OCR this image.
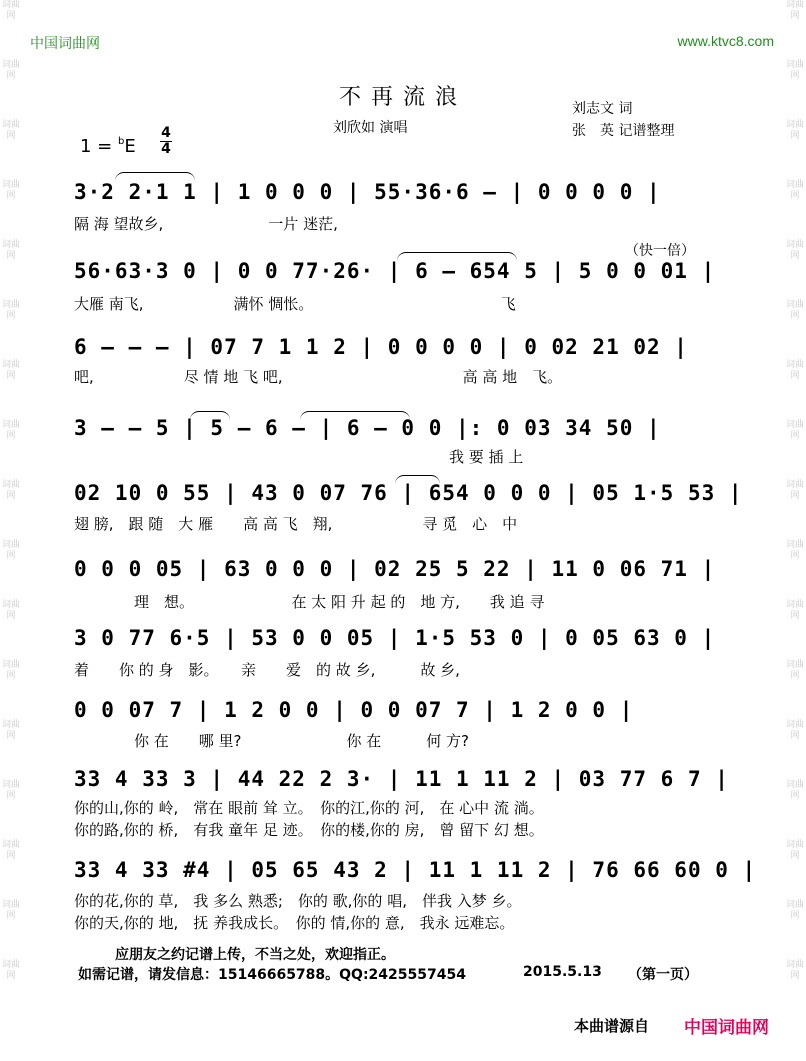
词曲网
词曲网
词曲网
词曲网
词曲网
词曲网
词曲网
词曲网
词曲网
词曲网
词曲网
词曲网
词曲网
词曲网
词曲网
词曲网
词曲网
词曲网
词曲网
词曲网
词曲网
词曲网
词曲网
词曲网
词曲网
词曲网
词曲网
词曲网
词曲网
词曲网
词曲网
词曲网
词曲网
词曲网
中国词曲网	www.ktvc8.com
不再流浪
刘欣如 演唱
刘志文 词
张　英 记谱整理
1 = $^b$E
4
4
（快一倍）
3·2 2·1 1 | 1 0 0 0 | 55·36·6 — | 0 0 0 0 |
隔 海 望故乡,　　　　　　　一片 迷茫,
56·63·3 0 | 0 0 77·26· | 6 — 654 5 | 5 0 0 01 |
大雁 南飞,　　　　　　满怀 惆怅。　　　　　　　　　　　　　飞
6 — — — | 07 7 1 1 2 | 0 0 0 0 | 0 02 21 02 |
吧,　　　　　　尽 情 地 飞 吧,　　　　　　　　　　　　高 高 地　飞。
3 — — 5 | 5 — 6 — | 6 — 0 0 |: 0 03 34 50 |
　　　　　　　　　　　　　　　　　　　　　　　　　我 要 插 上
02 10 0 55 | 43 0 07 76 | 654 0 0 0 | 05 1·5 53 |
翅 膀,　跟 随　大 雁　　高 高 飞　翔,　　　　　　寻 觅　心　中
0 0 0 05 | 63 0 0 0 | 02 25 5 22 | 11 0 06 71 |
　　　　理　想。　　　　　　　在 太 阳 升 起 的　地 方,　　我 追 寻
3 0 77 6·5 | 53 0 0 05 | 1·5 53 0 | 0 05 63 0 |
着　　你 的 身　影。　　亲　　爱　的 故 乡,　　　故 乡,
0 0 07 7 | 1 2 0 0 | 0 0 07 7 | 1 2 0 0 |
　　　　你 在　　哪 里?　　　　　　　你 在　　　何 方?
33 4 33 3 | 44 22 2 3· | 11 1 11 2 | 03 77 6 7 |
你的山,你的 岭,　常在 眼前 耸 立。　你的江,你的 河,　在 心中 流 淌。
你的路,你的 桥,　有我 童年 足 迹。　你的楼,你的 房,　曾 留下 幻 想。
33 4 33 #4 | 05 65 43 2 | 11 1 11 2 | 76 66 60 0 |
你的花,你的 草,　我 多么 熟悉;　你的 歌,你的 唱,　伴我 入梦 乡。
你的天,你的 地,　抚 养我成长。　你的 情,你的 意,　我永 远难忘。
应朋友之约记谱上传，不当之处，欢迎指正。
如需记谱，请发信息：15146665788。QQ:2425557454	2015.5.13 （第一页）
本曲谱源自 中国词曲网
